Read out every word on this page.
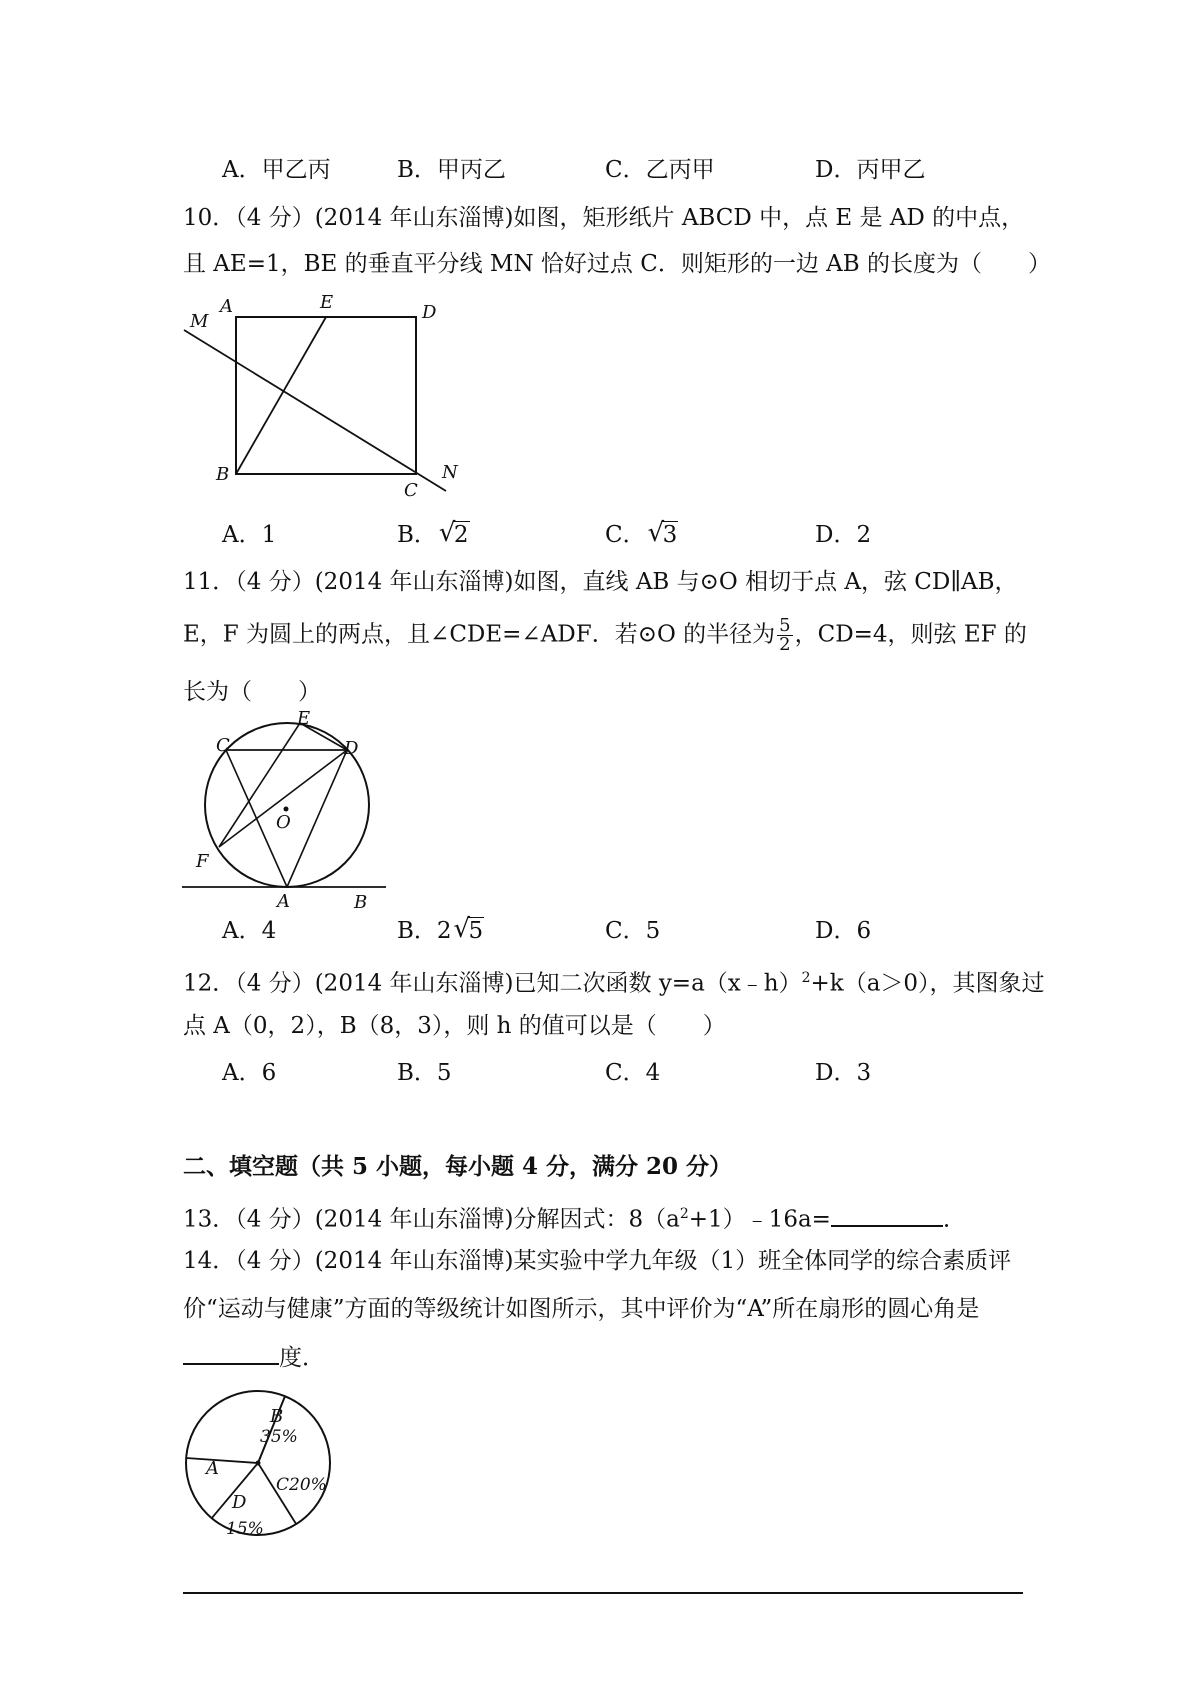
A．甲乙丙	B．甲丙乙	C．乙丙甲	D．丙甲乙
10．（4 分）(2014 年山东淄博)如图，矩形纸片 ABCD 中，点 E 是 AD 的中点，
且 AE=1，BE 的垂直平分线 MN 恰好过点 C．则矩形的一边 AB 的长度为（　　）
A	E	D
M
B
C
N
A．1	B． √ 2	C． √ 3	D．2
11．（4 分）(2014 年山东淄博)如图，直线 AB 与⊙O 相切于点 A，弦 CD∥AB，
E，F 为圆上的两点，且∠CDE=∠ADF．若⊙O 的半径为 $\frac{5}{2}$ ，CD=4，则弦 EF 的
长为（　　）
C
E
D
O
F
A	B
A．4	B．2 √ 5	C．5	D．6
12．（4 分）(2014 年山东淄博)已知二次函数 y=a（x﹣h）$^2$+k（a＞0），其图象过
点 A（0，2），B（8，3），则 h 的值可以是（　　）
A．6	B．5	C．4	D．3
二、填空题（共 5 小题，每小题 4 分，满分 20 分）
13．（4 分）(2014 年山东淄博)分解因式：$8(a^2+1)﹣16a=$	．
14．（4 分）(2014 年山东淄博)某实验中学九年级（1）班全体同学的综合素质评
价“运动与健康”方面的等级统计如图所示，其中评价为“A”所在扇形的圆心角是
度．
A
B
35%
C20%
D
15%
